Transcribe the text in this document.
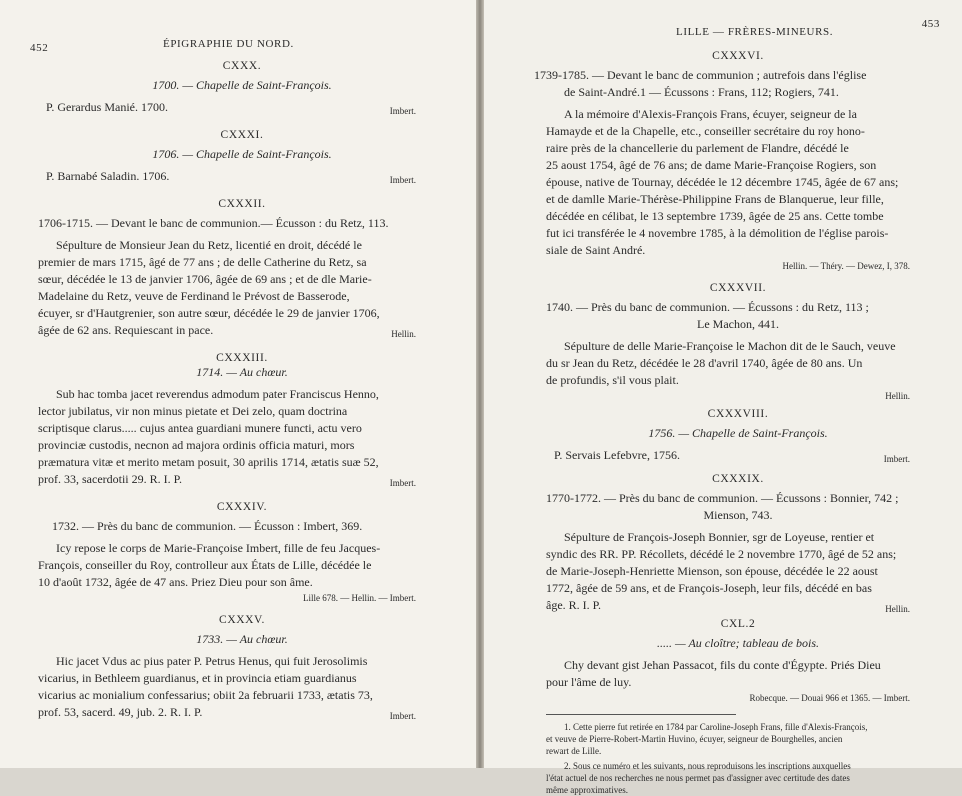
452	ÉPIGRAPHIE DU NORD.

CXXX.

1700. — Chapelle de Saint-François.

P. Gerardus Manié. 1700.	Imbert.

CXXXI.

1706. — Chapelle de Saint-François.

P. Barnabé Saladin. 1706.	Imbert.

CXXXII.

1706-1715. — Devant le banc de communion.— Écusson : du Retz, 113.

Sépulture de Monsieur Jean du Retz, licentié en droit, décédé le

premier de mars 1715, âgé de 77 ans ; de delle Catherine du Retz, sa

sœur, décédée le 13 de janvier 1706, âgée de 69 ans ; et de dle Marie-

Madelaine du Retz, veuve de Ferdinand le Prévost de Basserode,

écuyer, sr d'Hautgrenier, son autre sœur, décédée le 29 de janvier 1706,

âgée de 62 ans. Requiescant in pace.	Hellin.

CXXXIII.

1714. — Au chœur.

Sub hac tomba jacet reverendus admodum pater Franciscus Henno,

lector jubilatus, vir non minus pietate et Dei zelo, quam doctrina

scriptisque clarus..... cujus antea guardiani munere functi, actu vero

provinciæ custodis, necnon ad majora ordinis officia maturi, mors

præmatura vitæ et merito metam posuit, 30 aprilis 1714, ætatis suæ 52,

prof. 33, sacerdotii 29. R. I. P.	Imbert.

CXXXIV.

1732. — Près du banc de communion. — Écusson : Imbert, 369.

Icy repose le corps de Marie-Françoise Imbert, fille de feu Jacques-

François, conseiller du Roy, controlleur aux États de Lille, décédée le

10 d'août 1732, âgée de 47 ans. Priez Dieu pour son âme.

Lille 678. — Hellin. — Imbert.

CXXXV.

1733. — Au chœur.

Hic jacet Vdus ac pius pater P. Petrus Henus, qui fuit Jerosolimis

vicarius, in Bethleem guardianus, et in provincia etiam guardianus

vicarius ac monialium confessarius; obiit 2a februarii 1733, ætatis 73,

prof. 53, sacerd. 49, jub. 2. R. I. P.	Imbert.
LILLE — FRÈRES-MINEURS.
453

CXXXVI.

1739-1785. — Devant le banc de communion ; autrefois dans l'église

de Saint-André.1 — Écussons : Frans, 112; Rogiers, 741.

A la mémoire d'Alexis-François Frans, écuyer, seigneur de la

Hamayde et de la Chapelle, etc., conseiller secrétaire du roy hono-

raire près de la chancellerie du parlement de Flandre, décédé le

25 aoust 1754, âgé de 76 ans; de dame Marie-Françoise Rogiers, son

épouse, native de Tournay, décédée le 12 décembre 1745, âgée de 67 ans;

et de damlle Marie-Thérèse-Philippine Frans de Blanquerue, leur fille,

décédée en célibat, le 13 septembre 1739, âgée de 25 ans. Cette tombe

fut ici transférée le 4 novembre 1785, à la démolition de l'église parois-

siale de Saint André.

Hellin. — Théry. — Dewez, I, 378.

CXXXVII.

1740. — Près du banc de communion. — Écussons : du Retz, 113 ;

Le Machon, 441.

Sépulture de delle Marie-Françoise le Machon dit de le Sauch, veuve

du sr Jean du Retz, décédée le 28 d'avril 1740, âgée de 80 ans. Un

de profundis, s'il vous plait.

Hellin.

CXXXVIII.

1756. — Chapelle de Saint-François.

P. Servais Lefebvre, 1756.	Imbert.

CXXXIX.

1770-1772. — Près du banc de communion. — Écussons : Bonnier, 742 ;

Mienson, 743.

Sépulture de François-Joseph Bonnier, sgr de Loyeuse, rentier et

syndic des RR. PP. Récollets, décédé le 2 novembre 1770, âgé de 52 ans;

de Marie-Joseph-Henriette Mienson, son épouse, décédée le 22 aoust

1772, âgée de 59 ans, et de François-Joseph, leur fils, décédé en bas

âge. R. I. P.	Hellin.

CXL.2

..... — Au cloître; tableau de bois.

Chy devant gist Jehan Passacot, fils du conte d'Égypte. Priés Dieu

pour l'âme de luy.

Robecque. — Douai 966 et 1365. — Imbert.

1. Cette pierre fut retirée en 1784 par Caroline-Joseph Frans, fille d'Alexis-François,

et veuve de Pierre-Robert-Martin Huvino, écuyer, seigneur de Bourghelles, ancien

rewart de Lille.

2. Sous ce numéro et les suivants, nous reproduisons les inscriptions auxquelles

l'état actuel de nos recherches ne nous permet pas d'assigner avec certitude des dates

même approximatives.
